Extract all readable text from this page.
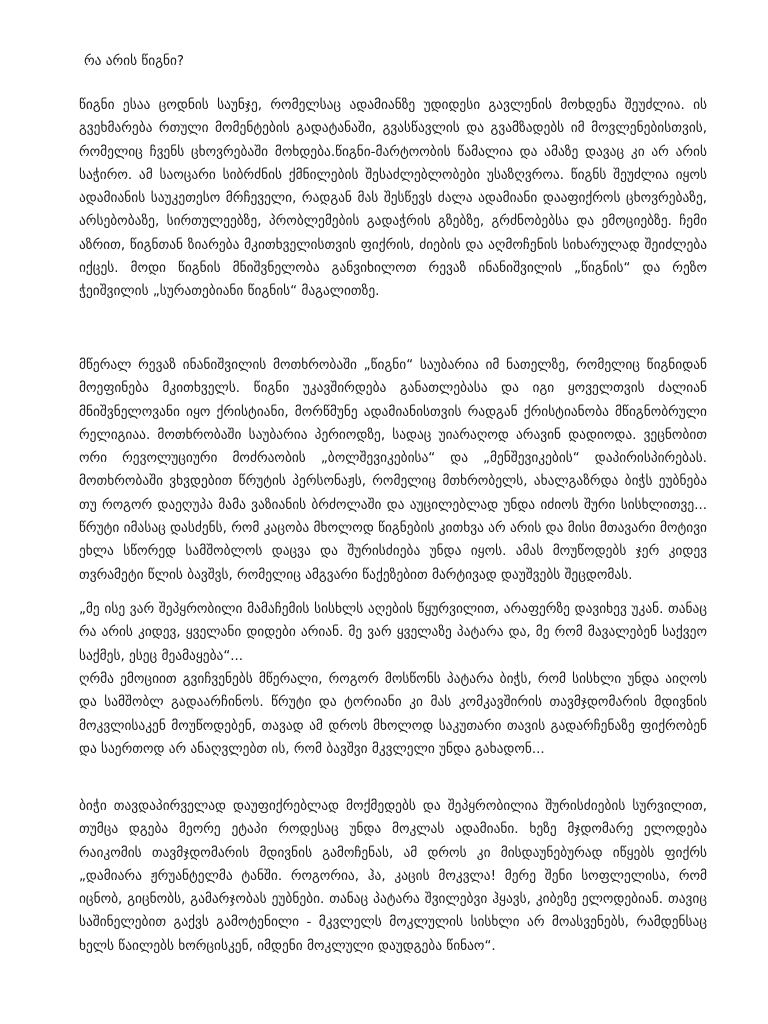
რა არის წიგნი?

წიგნი ესაა ცოდნის საუნჯე, რომელსაც ადამიანზე უდიდესი გავლენის მოხდენა შეუძლია. ის გვეხმარება რთული მომენტების გადატანაში, გვასწავლის და გვამზადებს იმ მოვლენებისთვის, რომელიც ჩვენს ცხოვრებაში მოხდება.წიგნი-მარტოობის წამალია და ამაზე დავაც კი არ არის საჭირო. ამ საოცარი სიბრძნის ქმნილების შესაძლებლობები უსაზღვროა. წიგნს შეუძლია იყოს ადამიანის საუკეთესო მრჩეველი, რადგან მას შესწევს ძალა ადამიანი დააფიქროს ცხოვრებაზე, არსებობაზე, სირთულეებზე, პრობლემების გადაჭრის გზებზე, გრძნობებსა და ემოციებზე. ჩემი აზრით, წიგნთან ზიარება მკითხველისთვის ფიქრის, ძიების და აღმოჩენის სიხარულად შეიძლება იქცეს. მოდი წიგნის მნიშვნელობა განვიხილოთ რევაზ ინანიშვილის „წიგნის“ და რეზო ჭეიშვილის „სურათებიანი წიგნის“ მაგალითზე.

მწერალ რევაზ ინანიშვილის მოთხრობაში „წიგნი“ საუბარია იმ ნათელზე, რომელიც წიგნიდან მოეფინება მკითხველს. წიგნი უკავშირდება განათლებასა და იგი ყოველთვის ძალიან მნიშვნელოვანი იყო ქრისტიანი, მორწმუნე ადამიანისთვის რადგან ქრისტიანობა მწიგნობრული რელიგიაა. მოთხრობაში საუბარია პერიოდზე, სადაც უიარაღოდ არავინ დადიოდა. ვეცნობით ორი რევოლუციური მოძრაობის „ბოლშევიკებისა“ და „მენშევიკების“ დაპირისპირებას. მოთხრობაში ვხვდებით წრუტის პერსონაჟს, რომელიც მთხრობელს, ახალგაზრდა ბიჭს ეუბნება თუ როგორ დაეღუპა მამა ვაზიანის ბრძოლაში და აუცილებლად უნდა იძიოს შური სისხლითვე... წრუტი იმასაც დასძენს, რომ კაცობა მხოლოდ წიგნების კითხვა არ არის და მისი მთავარი მოტივი ეხლა სწორედ სამშობლოს დაცვა და შურისძიება უნდა იყოს. ამას მოუწოდებს ჯერ კიდევ თვრამეტი წლის ბავშვს, რომელიც ამგვარი წაქეზებით მარტივად დაუშვებს შეცდომას.

„მე ისე ვარ შეპყრობილი მამაჩემის სისხლს აღების წყურვილით, არაფერზე დავიხევ უკან. თანაც რა არის კიდევ, ყველანი დიდები არიან. მე ვარ ყველაზე პატარა და, მე რომ მავალებენ საქვეო საქმეს, ესეც მეამაყება“...

ღრმა ემოციით გვიჩვენებს მწერალი, როგორ მოსწონს პატარა ბიჭს, რომ სისხლი უნდა აიღოს და სამშობლ გადაარჩინოს. წრუტი და ტორიანი კი მას კომკავშირის თავმჯდომარის მდივნის მოკვლისაკენ მოუწოდებენ, თავად ამ დროს მხოლოდ საკუთარი თავის გადარჩენაზე ფიქრობენ და საერთოდ არ ანაღვლებთ ის, რომ ბავშვი მკვლელი უნდა გახადონ...

ბიჭი თავდაპირველად დაუფიქრებლად მოქმედებს და შეპყრობილია შურისძიების სურვილით, თუმცა დგება მეორე ეტაპი როდესაც უნდა მოკლას ადამიანი. ხეზე მჯდომარე ელოდება რაიკომის თავმჯდომარის მდივნის გამოჩენას, ამ დროს კი მისდაუნებურად იწყებს ფიქრს „დამიარა ჟრუანტელმა ტანში. როგორია, ჰა, კაცის მოკვლა! მერე შენი სოფლელისა, რომ იცნობ, გიცნობს, გამარჯობას ეუბნები. თანაც პატარა შვილებვი ჰყავს, კიბეზე ელოდებიან. თავიც საშინელებით გაქვს გამოტენილი - მკვლელს მოკლულის სისხლი არ მოასვენებს, რამდენსაც ხელს წაილებს ხორცისკენ, იმდენი მოკლული დაუდგება წინაო“.
